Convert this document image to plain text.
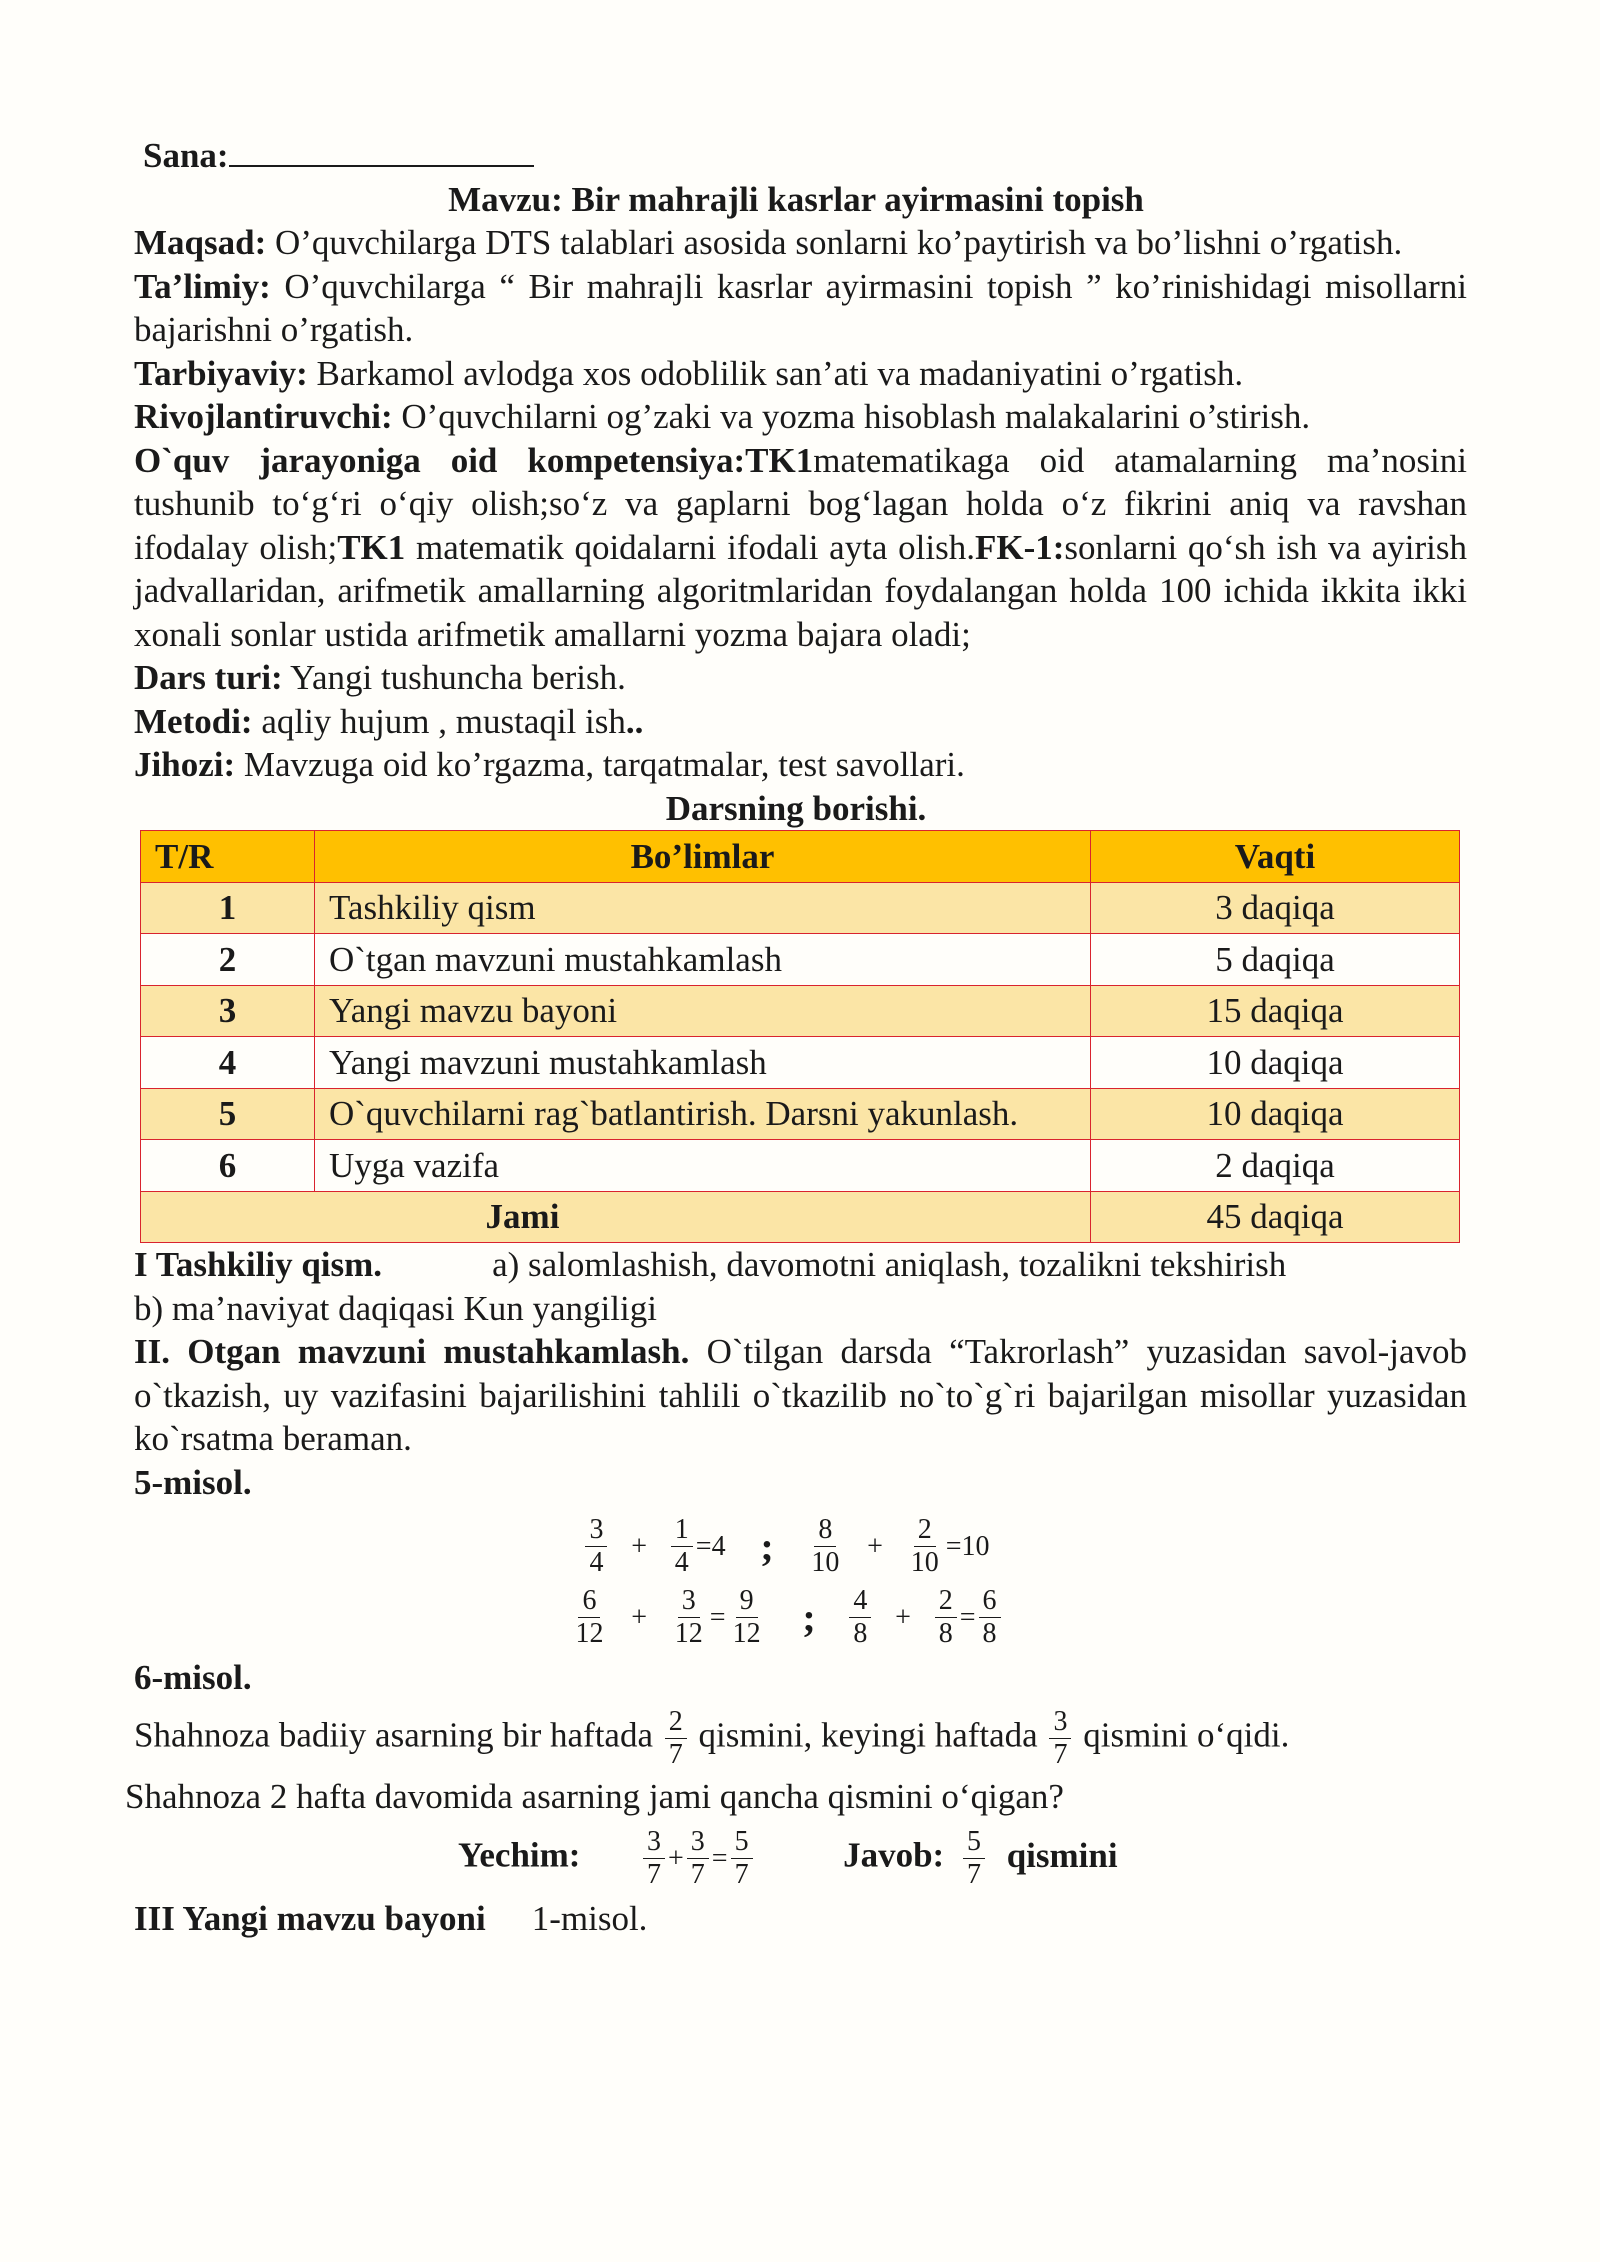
Sana:

Mavzu: Bir mahrajli kasrlar ayirmasini topish

Maqsad: O’quvchilarga DTS talablari asosida sonlarni ko’paytirish va bo’lishni o’rgatish.

Ta’limiy: O’quvchilarga “ Bir mahrajli kasrlar ayirmasini topish ” ko’rinishidagi misollarni bajarishni o’rgatish.

Tarbiyaviy: Barkamol avlodga xos odoblilik san’ati va madaniyatini o’rgatish.

Rivojlantiruvchi: O’quvchilarni og’zaki va yozma hisoblash malakalarini o’stirish.

O`quv jarayoniga oid kompetensiya:TK1matematikaga oid atamalarning ma’nosini tushunib to‘g‘ri o‘qiy olish;so‘z va gaplarni bog‘lagan holda o‘z fikrini aniq va ravshan ifodalay olish;TK1 matematik qoidalarni ifodali ayta olish.FK-1:sonlarni qo‘sh ish va ayirish jadvallaridan, arifmetik amallarning algoritmlaridan foydalangan holda 100 ichida ikkita ikki xonali sonlar ustida arifmetik amallarni yozma bajara oladi;

Dars turi: Yangi tushuncha berish.

Metodi: aqliy hujum , mustaqil ish..

Jihozi: Mavzuga oid ko’rgazma, tarqatmalar, test savollari.

Darsning borishi.

T/R	Bo’limlar	Vaqti
1	Tashkiliy qism	3 daqiqa
2	O`tgan mavzuni mustahkamlash	5 daqiqa
3	Yangi mavzu bayoni	15 daqiqa
4	Yangi mavzuni mustahkamlash	10 daqiqa
5	O`quvchilarni rag`batlantirish. Darsni yakunlash.	10 daqiqa
6	Uyga vazifa	2 daqiqa
Jami		45 daqiqa

I Tashkiliy qism.	a) salomlashish, davomotni aniqlash, tozalikni tekshirish

b) ma’naviyat daqiqasi Kun yangiligi

II. Otgan mavzuni mustahkamlash. O`tilgan darsda “Takrorlash” yuzasidan savol-javob o`tkazish, uy vazifasini bajarilishini tahlili o`tkazilib no`to`g`ri bajarilgan misollar yuzasidan ko`rsatma beraman.

5-misol.

$\frac{3}{4} + \frac{1}{4} =4$ ; $\frac{8}{10} + \frac{2}{10} =10$
$\frac{6}{12} + \frac{3}{12} = \frac{9}{12}$ ; $\frac{4}{8} + \frac{2}{8} = \frac{6}{8}$

6-misol.

Shahnoza badiiy asarning bir haftada $\frac{2}{7} qismini$, keyingi haftada $\frac{3}{7}$ qismini o‘qidi.

Shahnoza 2 hafta davomida asarning jami qancha qismini o‘qigan?

Yechim: $\frac{3}{7} + \frac{3}{7} = \frac{5}{7}$	Javob: $\frac{5}{7}$ qismini

III Yangi mavzu bayoni 1-misol.
